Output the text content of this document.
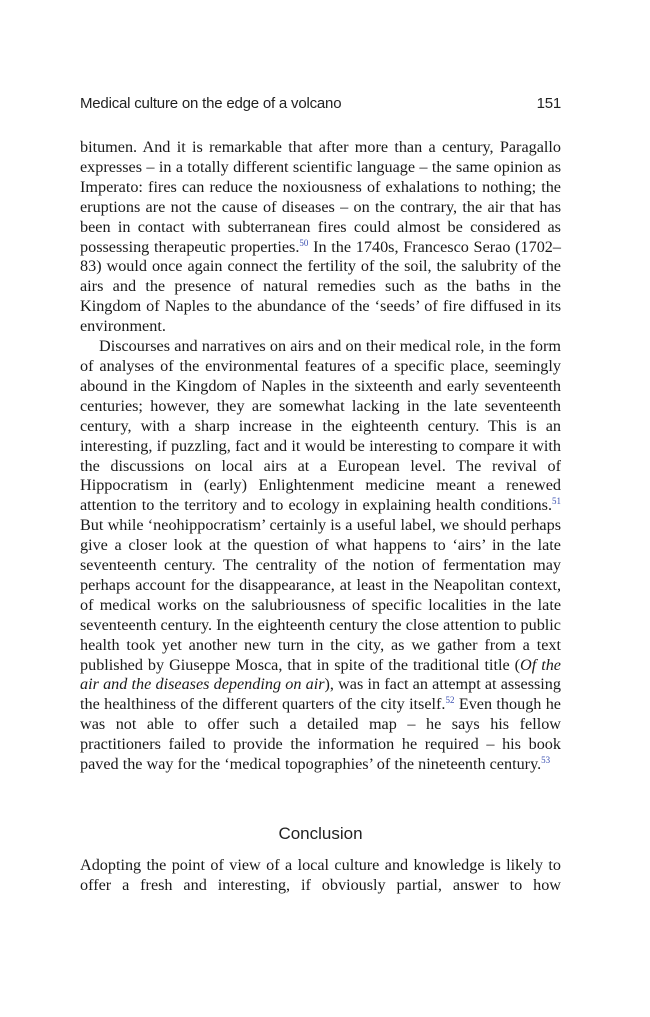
Medical culture on the edge of a volcano	151

bitumen. And it is remarkable that after more than a century, Paragallo expresses – in a totally different scientific language – the same opinion as Imperato: fires can reduce the noxiousness of exhalations to nothing; the eruptions are not the cause of diseases – on the contrary, the air that has been in contact with subterranean fires could almost be considered as possessing therapeutic properties.$^{50}$ In the 1740s, Francesco Serao (1702–83) would once again connect the fertility of the soil, the salubrity of the airs and the presence of natural remedies such as the baths in the Kingdom of Naples to the abundance of the ‘seeds’ of fire diffused in its environment.

Discourses and narratives on airs and on their medical role, in the form of analyses of the environmental features of a specific place, seemingly abound in the Kingdom of Naples in the sixteenth and early seventeenth centuries; however, they are somewhat lacking in the late seventeenth century, with a sharp increase in the eighteenth century. This is an interesting, if puzzling, fact and it would be interesting to compare it with the discussions on local airs at a European level. The revival of Hippocratism in (early) Enlightenment medicine meant a renewed attention to the territory and to ecology in explaining health conditions.$^{51}$ But while ‘neohippocratism’ certainly is a useful label, we should perhaps give a closer look at the question of what happens to ‘airs’ in the late seventeenth century. The centrality of the notion of fermentation may perhaps account for the disappearance, at least in the Neapolitan context, of medical works on the salubriousness of specific localities in the late seventeenth century. In the eighteenth century the close attention to public health took yet another new turn in the city, as we gather from a text published by Giuseppe Mosca, that in spite of the traditional title (Of the air and the diseases depending on air), was in fact an attempt at assessing the healthiness of the different quarters of the city itself.$^{52}$ Even though he was not able to offer such a detailed map – he says his fellow practitioners failed to provide the information he required – his book paved the way for the ‘medical topographies’ of the nineteenth century.$^{53}$

Conclusion

Adopting the point of view of a local culture and knowledge is likely to offer a fresh and interesting, if obviously partial, answer to how
